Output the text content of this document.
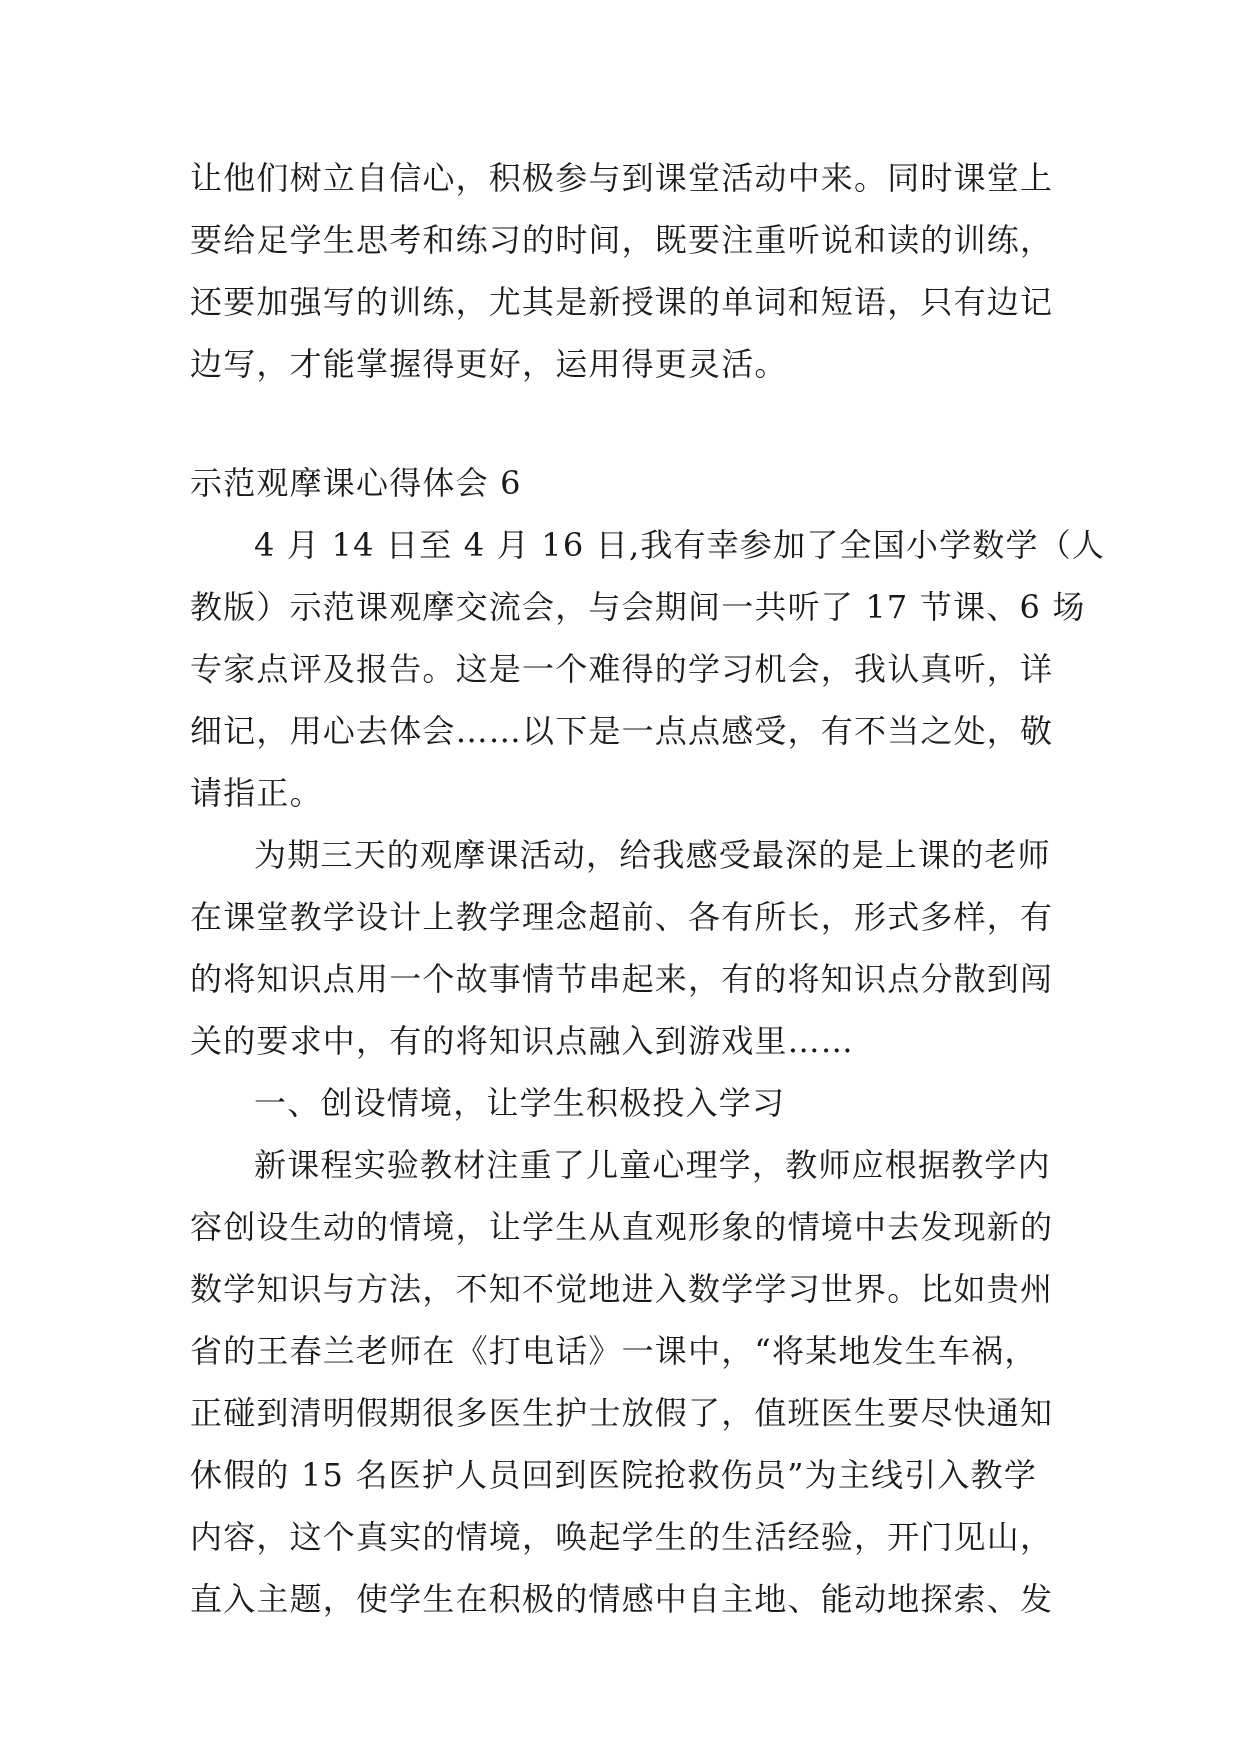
让他们树立自信心，积极参与到课堂活动中来。同时课堂上
要给足学生思考和练习的时间，既要注重听说和读的训练，
还要加强写的训练，尤其是新授课的单词和短语，只有边记
边写，才能掌握得更好，运用得更灵活。
示范观摩课心得体会 6
4 月 14 日至 4 月 16 日,我有幸参加了全国小学数学（人
教版）示范课观摩交流会，与会期间一共听了 17 节课、6 场
专家点评及报告。这是一个难得的学习机会，我认真听，详
细记，用心去体会……以下是一点点感受，有不当之处，敬
请指正。
为期三天的观摩课活动，给我感受最深的是上课的老师
在课堂教学设计上教学理念超前、各有所长，形式多样，有
的将知识点用一个故事情节串起来，有的将知识点分散到闯
关的要求中，有的将知识点融入到游戏里……
一、创设情境，让学生积极投入学习
新课程实验教材注重了儿童心理学，教师应根据教学内
容创设生动的情境，让学生从直观形象的情境中去发现新的
数学知识与方法，不知不觉地进入数学学习世界。比如贵州
省的王春兰老师在《打电话》一课中，“将某地发生车祸，
正碰到清明假期很多医生护士放假了，值班医生要尽快通知
休假的 15 名医护人员回到医院抢救伤员”为主线引入教学
内容，这个真实的情境，唤起学生的生活经验，开门见山，
直入主题，使学生在积极的情感中自主地、能动地探索、发
